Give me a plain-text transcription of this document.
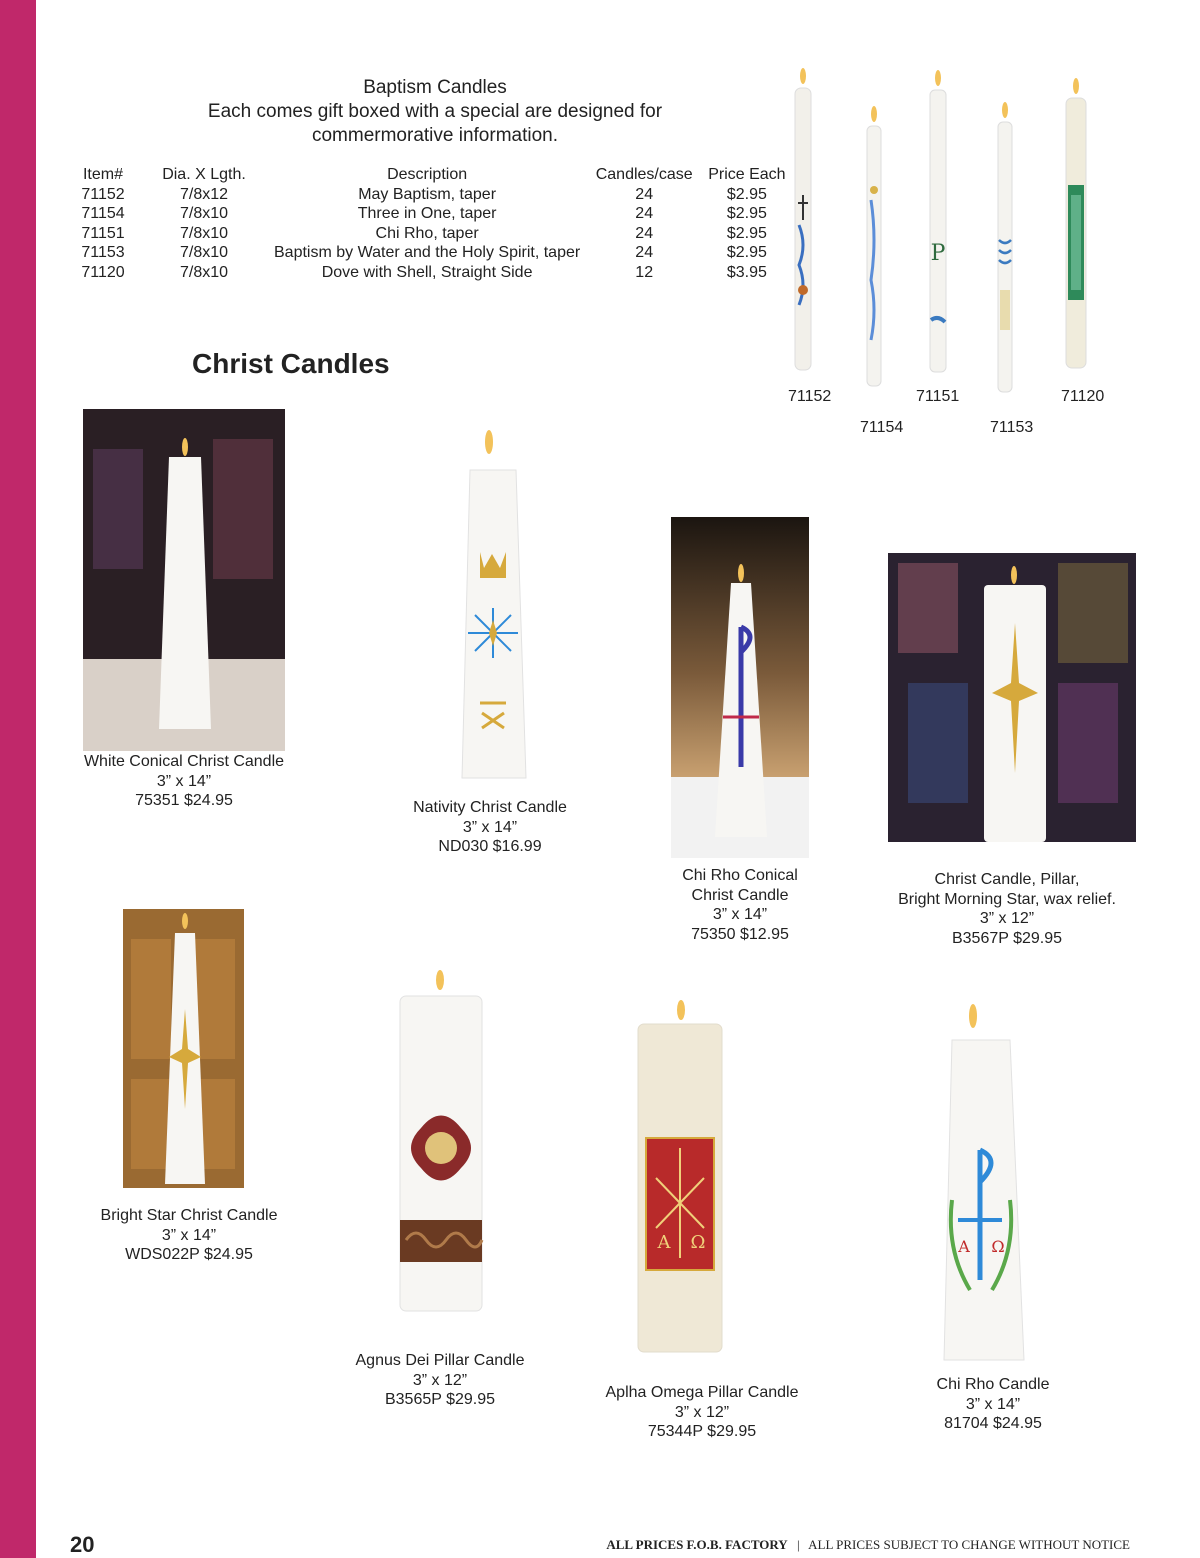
Baptism Candles
Each comes gift boxed with a special are designed for
commermorative information.
Item#	Dia. X Lgth.	Description	Candles/case	Price Each
71152	7/8x12	May Baptism, taper	24	$2.95
71154	7/8x10	Three in One, taper	24	$2.95
71151	7/8x10	Chi Rho, taper	24	$2.95
71153	7/8x10	Baptism by Water and the Holy Spirit, taper	24	$2.95
71120	7/8x10	Dove with Shell, Straight Side	12	$3.95
P
71152
71154
71151
71153
71120
Christ Candles
White Conical Christ Candle
3” x 14”
75351 $24.95	Nativity Christ Candle
3” x 14”
ND030 $16.99
Chi Rho Conical
Christ Candle
3” x 14”
75350 $12.95
Christ Candle, Pillar,
Bright Morning Star, wax relief.
3” x 12”
B3567P $29.95
Bright Star Christ Candle
3” x 14”
WDS022P $24.95
Agnus Dei Pillar Candle
3” x 12”
B3565P $29.95
Α Ω
Aplha Omega Pillar Candle
3” x 12”
75344P $29.95
Α Ω
Chi Rho Candle
3” x 14”
81704 $24.95
20	ALL PRICES F.O.B. FACTORY | ALL PRICES SUBJECT TO CHANGE WITHOUT NOTICE
